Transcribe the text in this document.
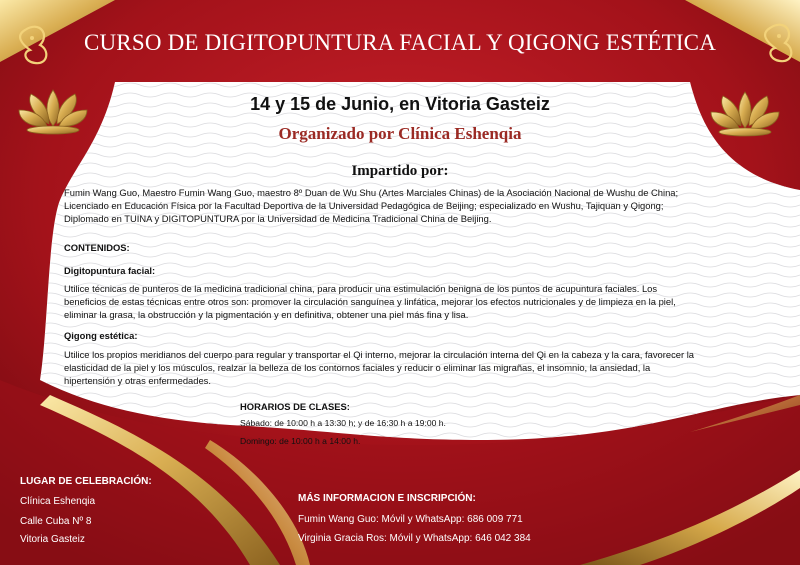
CURSO DE DIGITOPUNTURA FACIAL Y QIGONG ESTÉTICA
14 y 15 de Junio, en Vitoria Gasteiz
Organizado por Clínica Eshenqia
Impartido por:
Fumin Wang Guo, Maestro Fumin Wang Guo, maestro 8º Duan de Wu Shu (Artes Marciales Chinas) de la Asociación Nacional de Wushu de China;
Licenciado en Educación Física por la Facultad Deportiva de la Universidad Pedagógica de Beijing; especializado en Wushu, Tajiquan y Qigong;
Diplomado en TUINA y DIGITOPUNTURA por la Universidad de Medicina Tradicional China de Beijing.
CONTENIDOS:
Digitopuntura facial:
Utilice técnicas de punteros de la medicina tradicional china, para producir una estimulación benigna de los puntos de acupuntura faciales. Los
beneficios de estas técnicas entre otros son: promover la circulación sanguínea y linfática, mejorar los efectos nutricionales y de limpieza en la piel,
eliminar la grasa, la obstrucción y la pigmentación y en definitiva, obtener una piel más fina y lisa.
Qigong estética:
Utilice los propios meridianos del cuerpo para regular y transportar el Qi interno, mejorar la circulación interna del Qi en la cabeza y la cara, favorecer la
elasticidad de la piel y los músculos, realzar la belleza de los contornos faciales y reducir o eliminar las migrañas, el insomnio, la ansiedad, la
hipertensión y otras enfermedades.
HORARIOS DE CLASES:
Sábado: de 10:00 h a 13:30 h; y de 16:30 h a 19:00 h.
Domingo: de 10:00 h a 14:00 h.
LUGAR DE CELEBRACIÓN:
Clínica Eshenqia
Calle Cuba Nº 8
Vitoria Gasteiz
MÁS INFORMACION E INSCRIPCIÓN:
Fumin Wang Guo: Móvil y WhatsApp: 686 009 771
Virginia Gracia Ros: Móvil y WhatsApp: 646 042 384
